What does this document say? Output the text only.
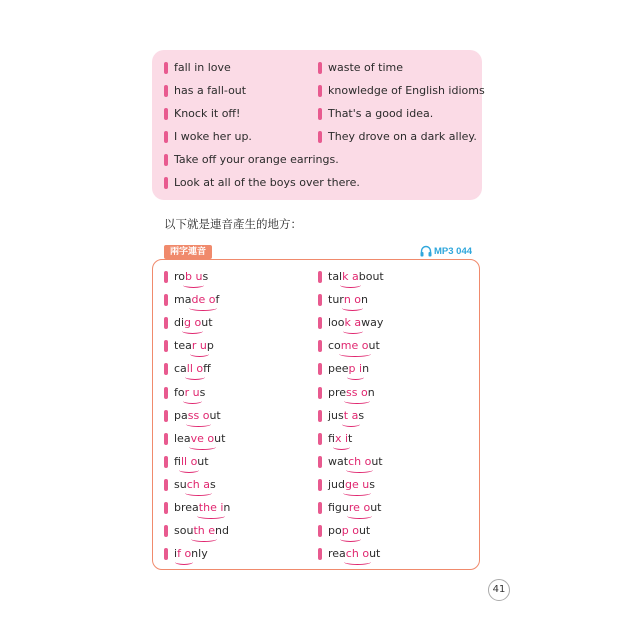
fall in love	waste of time
has a fall-out	knowledge of English idioms
Knock it off!	That's a good idea.
I woke her up.	They drove on a dark alley.
Take off your orange earrings.
Look at all of the boys over there.
以下就是連音產生的地方：
兩字連音	MP3 044
rob us	talk about
made of	turn on
dig out	look away
tear up	come out
call off	peep in
for us	press on
pass out	just as
leave out	fix it
fill out	watch out
such as	judge us
breathe in	figure out
south end	pop out
if only	reach out
41
